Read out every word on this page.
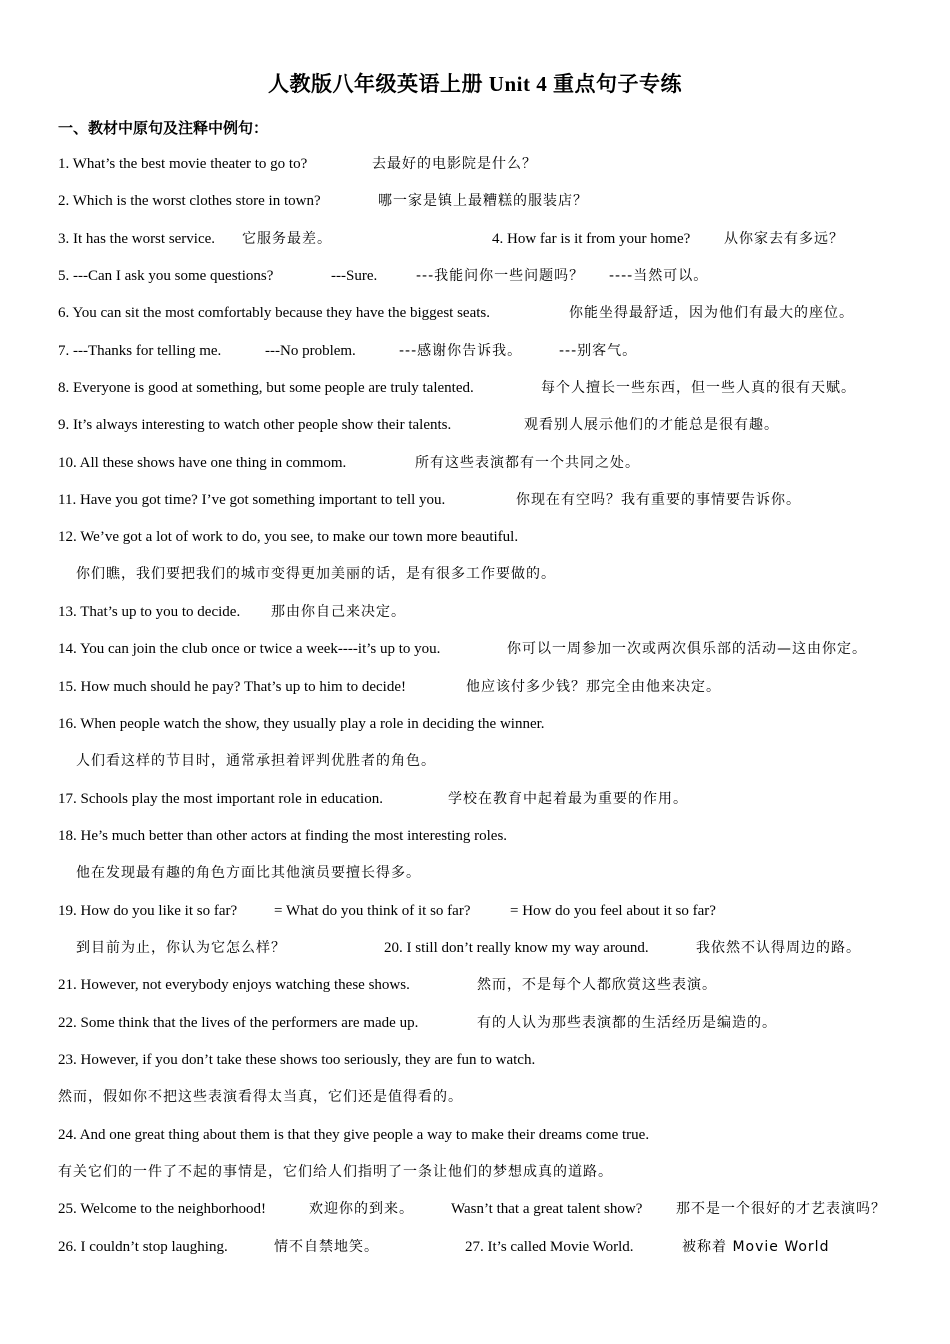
人教版八年级英语上册 Unit 4 重点句子专练
一、教材中原句及注释中例句：
1. What’s the best movie theater to go to?	去最好的电影院是什么？
2. Which is the worst clothes store in town?	哪一家是镇上最糟糕的服装店？
3. It has the worst service. 它服务最差。	4. How far is it from your home? 从你家去有多远？
5. ---Can I ask you some questions?	---Sure.	---我能问你一些问题吗？ ----当然可以。
6. You can sit the most comfortably because they have the biggest seats.	你能坐得最舒适，因为他们有最大的座位。
7. ---Thanks for telling me.	---No problem.	---感谢你告诉我。	---别客气。
8. Everyone is good at something, but some people are truly talented.	每个人擅长一些东西，但一些人真的很有天赋。
9. It’s always interesting to watch other people show their talents.	观看别人展示他们的才能总是很有趣。
10. All these shows have one thing in commom.	所有这些表演都有一个共同之处。
11. Have you got time? I’ve got something important to tell you.	你现在有空吗？我有重要的事情要告诉你。
12. We’ve got a lot of work to do, you see, to make our town more beautiful.
你们瞧，我们要把我们的城市变得更加美丽的话，是有很多工作要做的。
13. That’s up to you to decide. 那由你自己来决定。
14. You can join the club once or twice a week----it’s up to you.	你可以一周参加一次或两次俱乐部的活动—这由你定。
15. How much should he pay? That’s up to him to decide!	他应该付多少钱？那完全由他来决定。
16. When people watch the show, they usually play a role in deciding the winner.
人们看这样的节目时，通常承担着评判优胜者的角色。
17. Schools play the most important role in education.	学校在教育中起着最为重要的作用。
18. He’s much better than other actors at finding the most interesting roles.
他在发现最有趣的角色方面比其他演员要擅长得多。
19. How do you like it so far? = What do you think of it so far?	= How do you feel about it so far?
到目前为止，你认为它怎么样？	20. I still don’t really know my way around.	我依然不认得周边的路。
21. However, not everybody enjoys watching these shows.	然而，不是每个人都欣赏这些表演。
22. Some think that the lives of the performers are made up.	有的人认为那些表演都的生活经历是编造的。
23. However, if you don’t take these shows too seriously, they are fun to watch.
然而，假如你不把这些表演看得太当真，它们还是值得看的。
24. And one great thing about them is that they give people a way to make their dreams come true.
有关它们的一件了不起的事情是，它们给人们指明了一条让他们的梦想成真的道路。
25. Welcome to the neighborhood!	欢迎你的到来。 Wasn’t that a great talent show? 那不是一个很好的才艺表演吗？
26. I couldn’t stop laughing.	情不自禁地笑。	27. It’s called Movie World.	被称着 Movie World
